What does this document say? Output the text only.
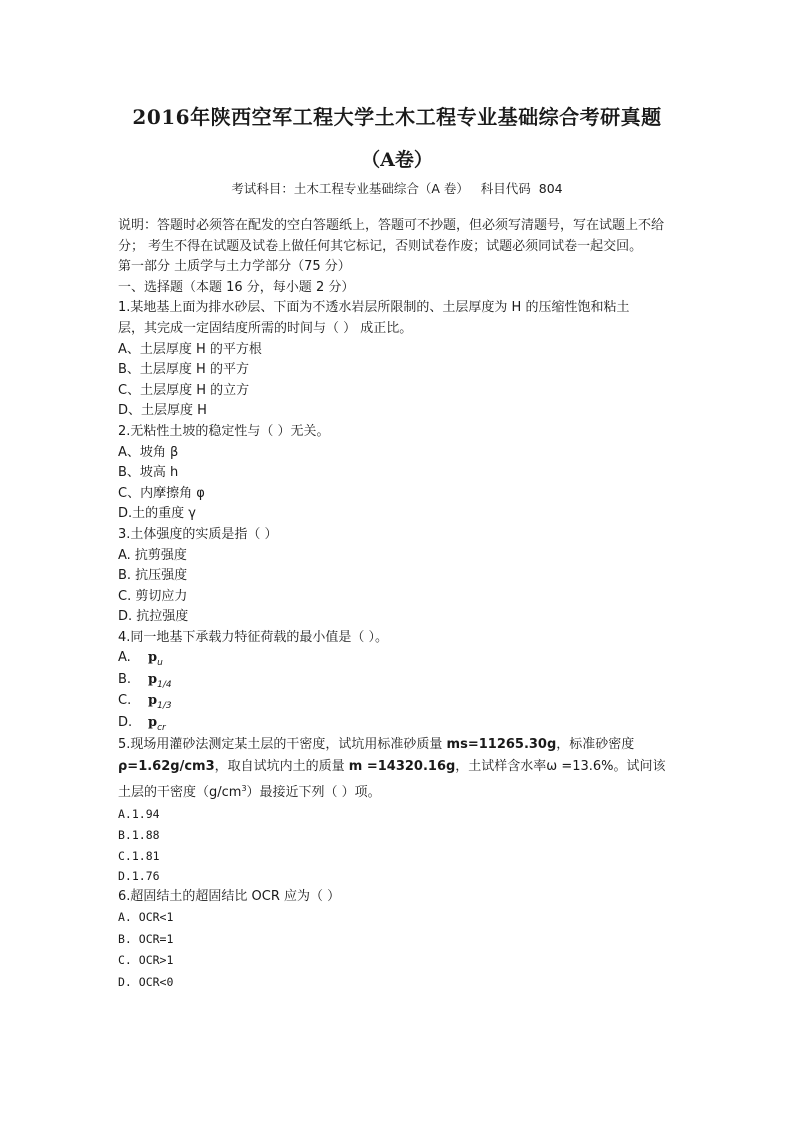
2016年陕西空军工程大学土木工程专业基础综合考研真题
（A卷）
考试科目：土木工程专业基础综合（A 卷）   科目代码  804
说明：答题时必须答在配发的空白答题纸上，答题可不抄题，但必须写清题号，写在试题上不给分； 考生不得在试题及试卷上做任何其它标记，否则试卷作废；试题必须同试卷一起交回。
第一部分 土质学与土力学部分（75 分）
一、选择题（本题 16 分，每小题 2 分）
1.某地基上面为排水砂层、下面为不透水岩层所限制的、土层厚度为 H 的压缩性饱和粘土
层，其完成一定固结度所需的时间与（ ） 成正比。
A、土层厚度 H 的平方根
B、土层厚度 H 的平方
C、土层厚度 H 的立方
D、土层厚度 H
2.无粘性土坡的稳定性与（ ）无关。
A、坡角 β
B、坡高 h
C、内摩擦角 φ
D.土的重度 γ
3.土体强度的实质是指（ ）
A. 抗剪强度
B. 抗压强度
C. 剪切应力
D. 抗拉强度
4.同一地基下承载力特征荷载的最小值是（ ）。
A. $p_u$
B. $p_{1/4}$
C. $p_{1/3}$
D. $p_{cr}$
5.现场用灌砂法测定某土层的干密度，试坑用标准砂质量 ms=11265.30g，标准砂密度ρ=1.62g/cm3，取自试坑内土的质量 m =14320.16g，土试样含水率ω =13.6%。试问该土层的干密度$(g/cm^3)$最接近下列（ ）项。
A.1.94
B.1.88
C.1.81
D.1.76
6.超固结土的超固结比 OCR 应为（ ）
A. OCR<1
B. OCR=1
C. OCR>1
D. OCR<0
